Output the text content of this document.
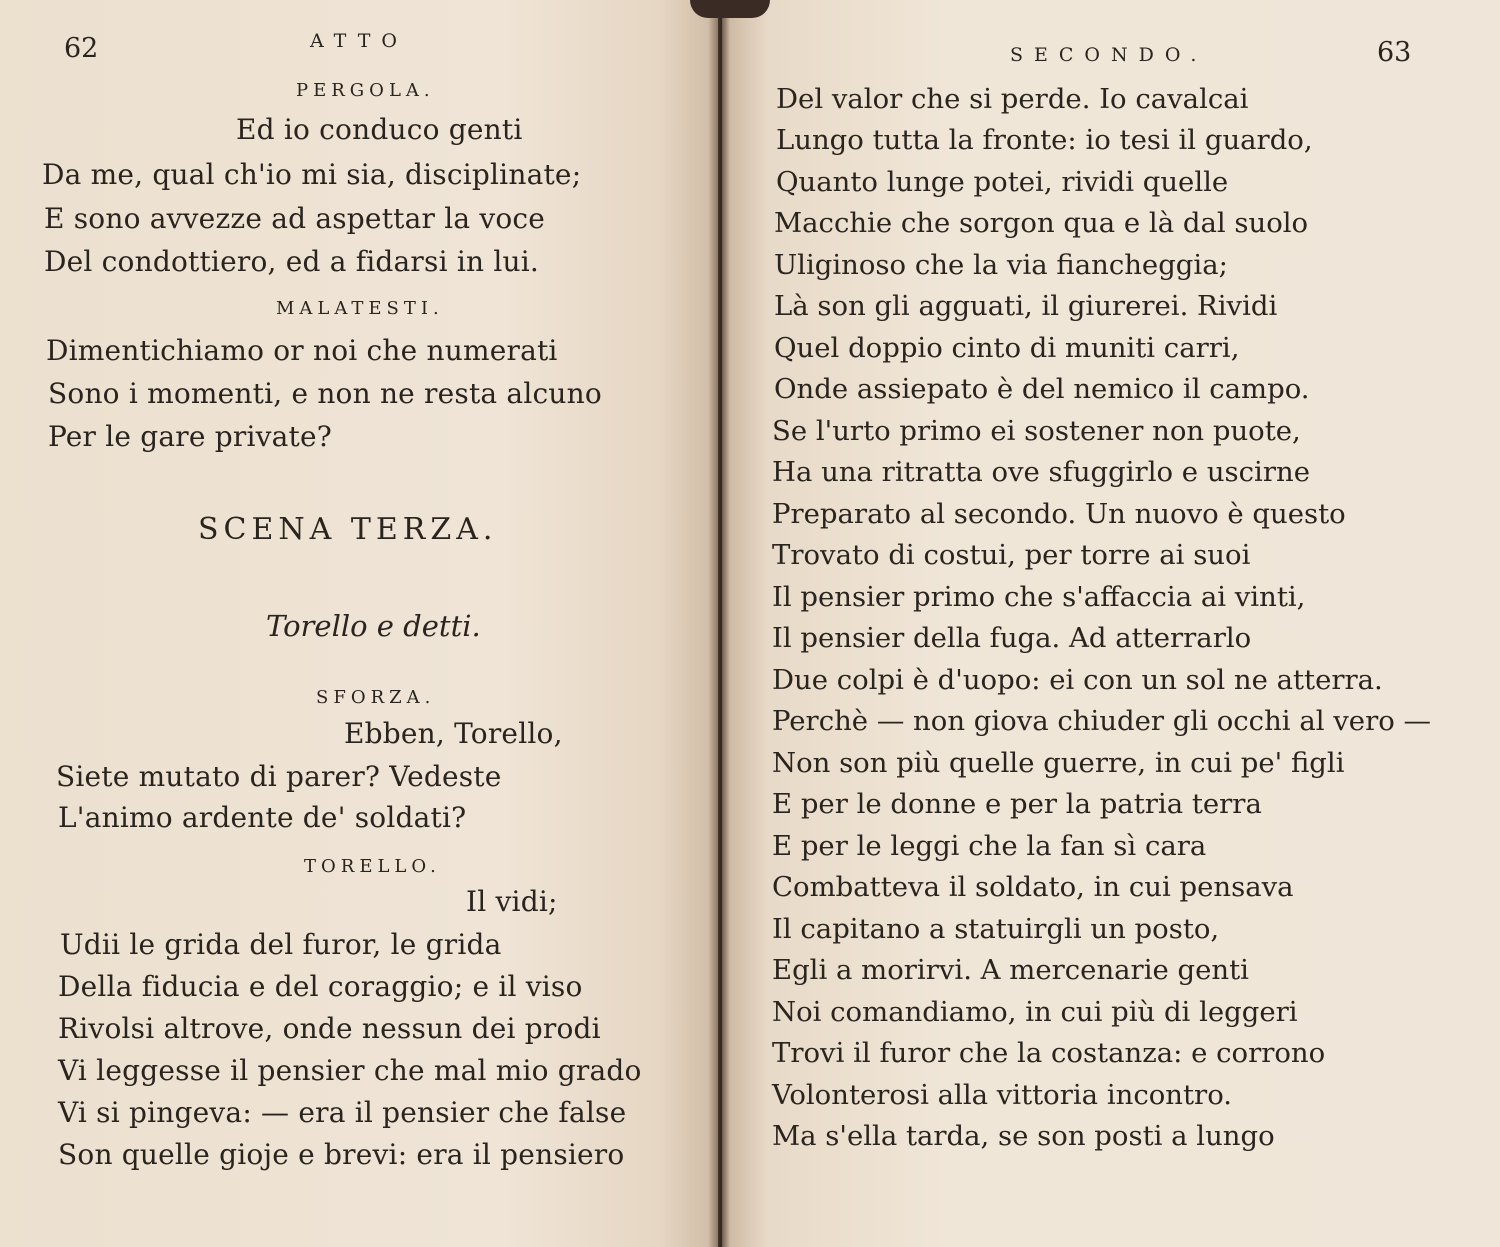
62	ATTO
PERGOLA.
Ed io conduco genti
Da me, qual ch'io mi sia, disciplinate;
E sono avvezze ad aspettar la voce
Del condottiero, ed a fidarsi in lui.
MALATESTI.
Dimentichiamo or noi che numerati
Sono i momenti, e non ne resta alcuno
Per le gare private?
SCENA TERZA.
Torello e detti.
SFORZA.
Ebben, Torello,
Siete mutato di parer? Vedeste
L'animo ardente de' soldati?
TORELLO.
Il vidi;
Udii le grida del furor, le grida
Della fiducia e del coraggio; e il viso
Rivolsi altrove, onde nessun dei prodi
Vi leggesse il pensier che mal mio grado
Vi si pingeva: — era il pensier che false
Son quelle gioje e brevi: era il pensiero
SECONDO.	63
Del valor che si perde. Io cavalcai
Lungo tutta la fronte: io tesi il guardo,
Quanto lunge potei, rividi quelle
Macchie che sorgon qua e là dal suolo
Uliginoso che la via fiancheggia;
Là son gli agguati, il giurerei. Rividi
Quel doppio cinto di muniti carri,
Onde assiepato è del nemico il campo.
Se l'urto primo ei sostener non puote,
Ha una ritratta ove sfuggirlo e uscirne
Preparato al secondo. Un nuovo è questo
Trovato di costui, per torre ai suoi
Il pensier primo che s'affaccia ai vinti,
Il pensier della fuga. Ad atterrarlo
Due colpi è d'uopo: ei con un sol ne atterra.
Perchè — non giova chiuder gli occhi al vero —
Non son più quelle guerre, in cui pe' figli
E per le donne e per la patria terra
E per le leggi che la fan sì cara
Combatteva il soldato, in cui pensava
Il capitano a statuirgli un posto,
Egli a morirvi. A mercenarie genti
Noi comandiamo, in cui più di leggeri
Trovi il furor che la costanza: e corrono
Volonterosi alla vittoria incontro.
Ma s'ella tarda, se son posti a lungo
